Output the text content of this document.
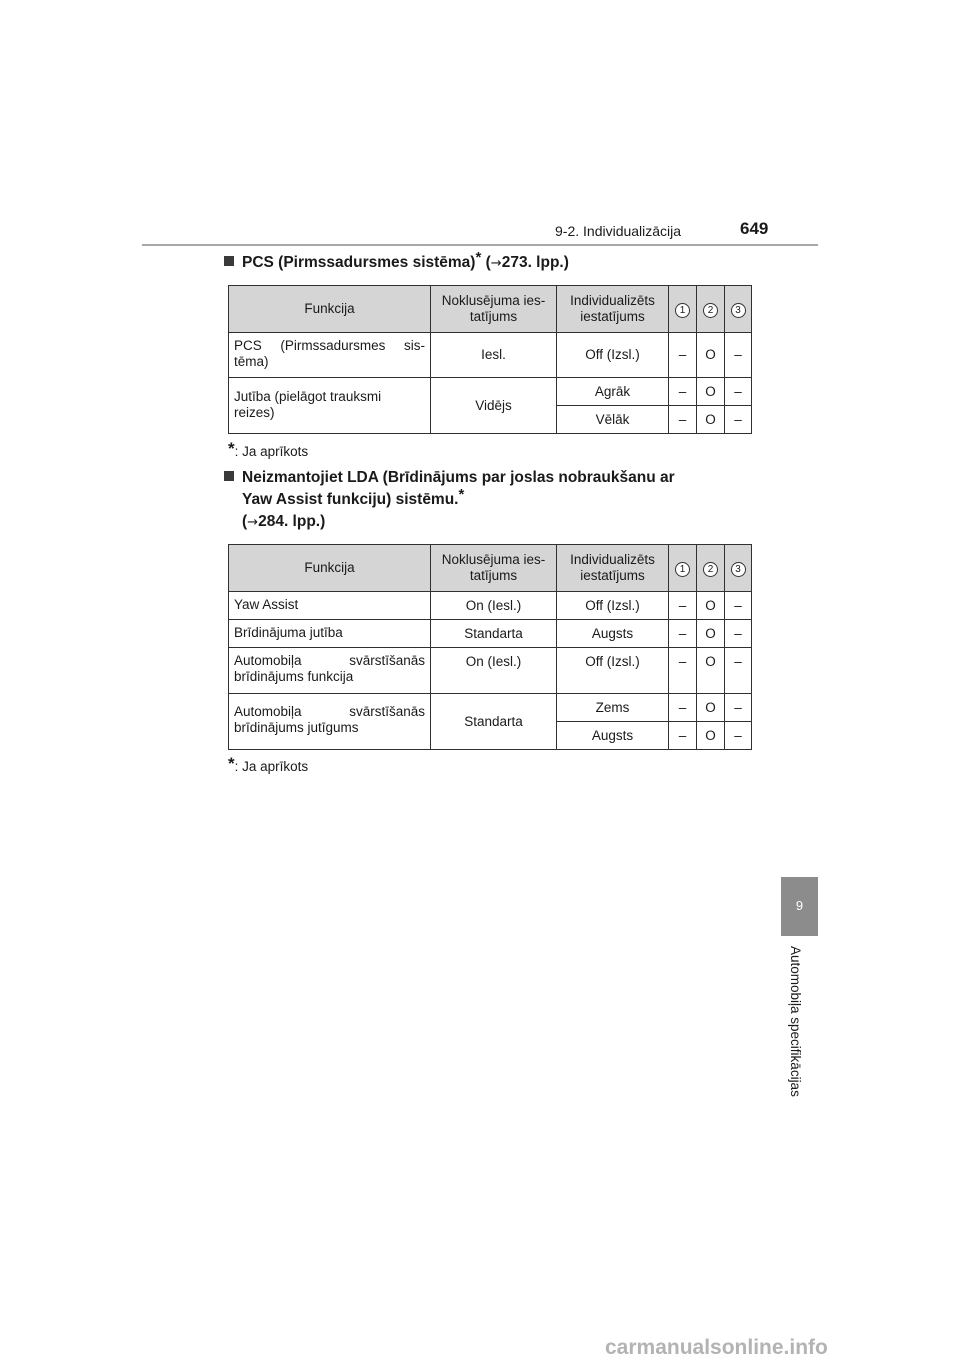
9-2. Individualizācija	649
PCS (Pirmssadursmes sistēma)* (→273. lpp.)
Funkcija	Noklusējuma ies-tatījums	Individualizēts iestatījums	1	2	3
PCS (Pirmssadursmes sis-tēma)	Iesl.	Off (Izsl.)	–	O	–
Jutība (pielāgot trauksmi reizes)	Vidējs	Agrāk	–	O	–
		Vēlāk	–	O	–
*: Ja aprīkots
Neizmantojiet LDA (Brīdinājums par joslas nobraukšanu ar
Yaw Assist funkciju) sistēmu.*
(→284. lpp.)
Funkcija	Noklusējuma ies-tatījums	Individualizēts iestatījums	1	2	3
Yaw Assist	On (Iesl.)	Off (Izsl.)	–	O	–
Brīdinājuma jutība	Standarta	Augsts	–	O	–
Automobiļa svārstīšanās brīdinājums funkcija	On (Iesl.)	Off (Izsl.)	–	O	–
Automobiļa svārstīšanās brīdinājums jutīgums	Standarta	Zems	–	O	–
		Augsts	–	O	–
*: Ja aprīkots
9
Automobiļa specifikācijas
carmanualsonline.info
